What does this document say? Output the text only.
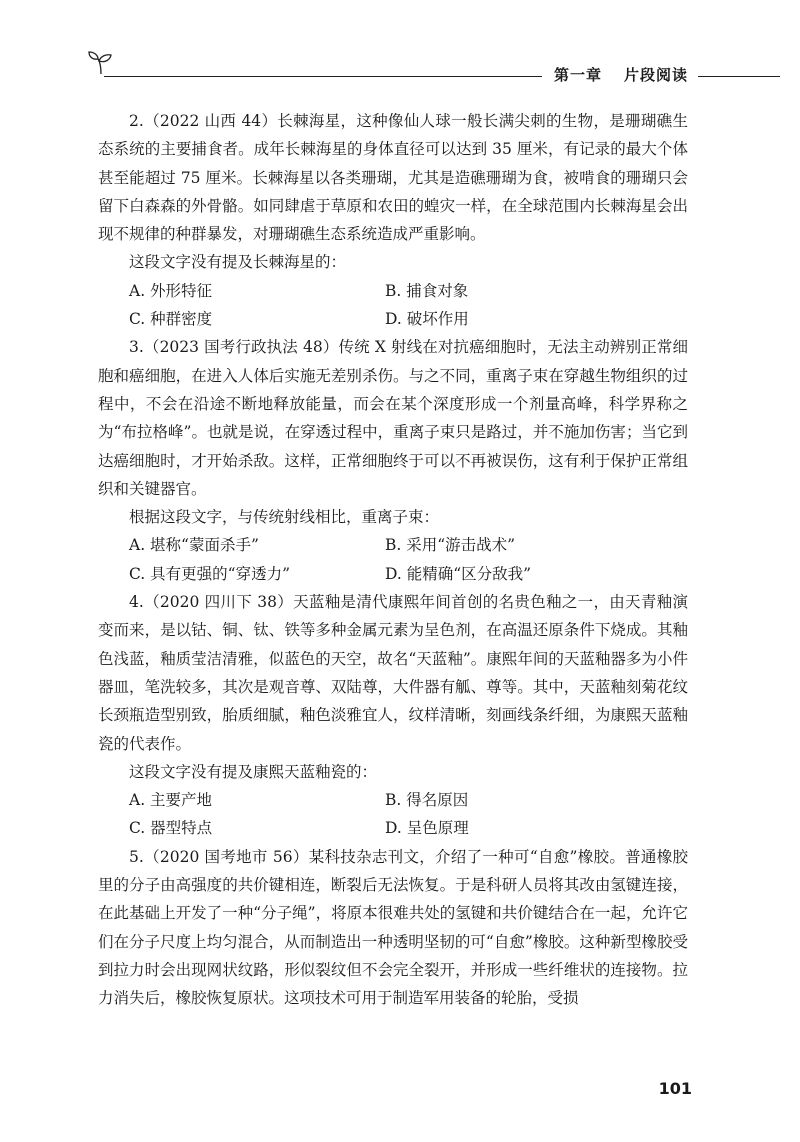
第一章 片段阅读

2.（2022 山西 44）长棘海星，这种像仙人球一般长满尖刺的生物，是珊瑚礁生态系统的主要捕食者。成年长棘海星的身体直径可以达到 35 厘米，有记录的最大个体甚至能超过 75 厘米。长棘海星以各类珊瑚，尤其是造礁珊瑚为食，被啃食的珊瑚只会留下白森森的外骨骼。如同肆虐于草原和农田的蝗灾一样，在全球范围内长棘海星会出现不规律的种群暴发，对珊瑚礁生态系统造成严重影响。

这段文字没有提及长棘海星的：

A. 外形特征	B. 捕食对象
C. 种群密度	D. 破坏作用

3.（2023 国考行政执法 48）传统 X 射线在对抗癌细胞时，无法主动辨别正常细胞和癌细胞，在进入人体后实施无差别杀伤。与之不同，重离子束在穿越生物组织的过程中，不会在沿途不断地释放能量，而会在某个深度形成一个剂量高峰，科学界称之为“布拉格峰”。也就是说，在穿透过程中，重离子束只是路过，并不施加伤害；当它到达癌细胞时，才开始杀敌。这样，正常细胞终于可以不再被误伤，这有利于保护正常组织和关键器官。

根据这段文字，与传统射线相比，重离子束：

A. 堪称“蒙面杀手”	B. 采用“游击战术”
C. 具有更强的“穿透力”	D. 能精确“区分敌我”

4.（2020 四川下 38）天蓝釉是清代康熙年间首创的名贵色釉之一，由天青釉演变而来，是以钴、铜、钛、铁等多种金属元素为呈色剂，在高温还原条件下烧成。其釉色浅蓝，釉质莹洁清雅，似蓝色的天空，故名“天蓝釉”。康熙年间的天蓝釉器多为小件器皿，笔洗较多，其次是观音尊、双陆尊，大件器有觚、尊等。其中，天蓝釉刻菊花纹长颈瓶造型别致，胎质细腻，釉色淡雅宜人，纹样清晰，刻画线条纤细，为康熙天蓝釉瓷的代表作。

这段文字没有提及康熙天蓝釉瓷的：

A. 主要产地	B. 得名原因
C. 器型特点	D. 呈色原理

5.（2020 国考地市 56）某科技杂志刊文，介绍了一种可“自愈”橡胶。普通橡胶里的分子由高强度的共价键相连，断裂后无法恢复。于是科研人员将其改由氢键连接，在此基础上开发了一种“分子绳”，将原本很难共处的氢键和共价键结合在一起，允许它们在分子尺度上均匀混合，从而制造出一种透明坚韧的可“自愈”橡胶。这种新型橡胶受到拉力时会出现网状纹路，形似裂纹但不会完全裂开，并形成一些纤维状的连接物。拉力消失后，橡胶恢复原状。这项技术可用于制造军用装备的轮胎，受损

101
